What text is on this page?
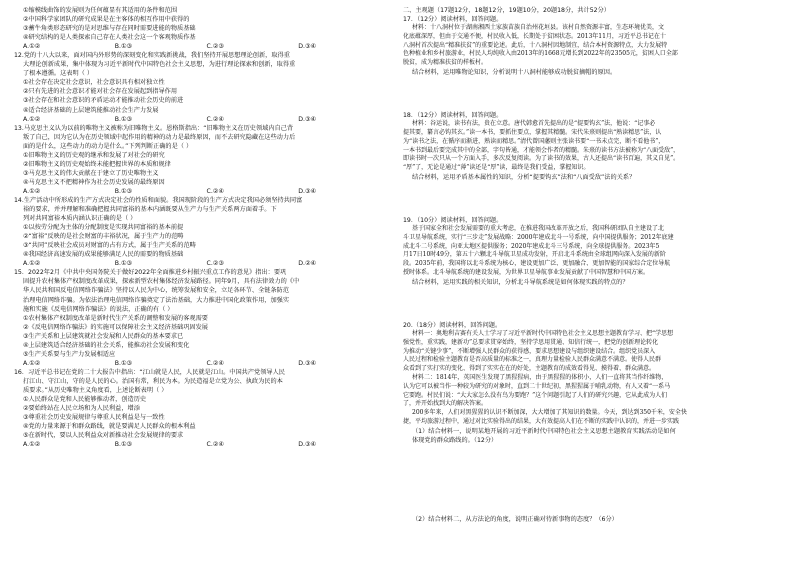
①缩模线曲饰的发展则为任何蕴显有其适用的条件和范围

②中国科学家团队的研究成果是在主客体的相互作用中获得的

③蓄牛角类形态研究的是对思维与存在同时需要进能的物质基础

④研究结构的是人类探索自己存在人类社会这一个客观物质作基

A.①②	B.①③	C.②③	D.③④

12.党的十八大以来，面对国内外形势的深刻变化和实践新挑战，我们坚持开展思想理论创新，取得重

大理论创新成果，集中体现为习近平新时代中国特色社会主义思想，为进行理论探索和创新，取得重

了根本遵循。这表明（ ）

①社会存在决定社会意识，社会意识具有相对独立性

②只有先进的社会意识才能对社会存在发展起到指导作用

③社会存在和社会意识的矛盾运动才能推动社会历史的前进

④适合经济基础的上层建筑能推动社会生产力发展

A.①②	B.①③	C.②④	D.③④

13.马克思主义认为以前的唯物主义被称为旧唯物主义。恩格斯指出：“旧唯物主义在历史领域内自己背

叛了自己，因为它认为在历史领域中起作用的精神的动力是最终原因，而不去研究隐藏在这些动力后

面的是什么，这些动力的动力是什么。”下列判断正确的是（ ）

①旧唯物主义的历史观的继承和发展了对社会的研究

②旧唯物主义的历史观始终未能把握世界的本质和规律

③马克思主义的伟大贡献在于建立了历史唯物主义

④马克思主义不把精神作为社会历史发展的最终原因

A.①②	B.①③	C.②④	D.③④

14.生产活动中所形成的生产方式决定社会的性质和面貌。我国现阶段的生产方式决定我国必须坚持共同富

裕的要求，并并理解和准确把握共同富裕的基本内涵既要从生产力与生产关系两方面着手。下

列对共同富裕本质内涵认识正确的是（ ）

①以按劳分配为主体的分配制度是实现共同富裕的基本前提

②“富裕”反映的是社会财富的丰裕状况，属于生产力的范畴

③“共同”反映社会成员对财富的占有方式，属于生产关系的范畴

④我国经济高速发展的成果能够满足人民的需要的物质基础

A.①②	B.①③	C.②③	D.②④

15．2022年2月《中共中央国务院关于做好2022年全面推进乡村振兴重点工作的意见》指出：要巩

固提升农村集体产权制度改革成果，探索新型农村集体经济发展路径。同年9月，具有法律效力的《中

华人民共和国反电信网络诈骗法》坚持以人民为中心，统筹发展和安全，立足各环节、全链条防范

治理电信网络诈骗。为依法治理电信网络诈骗奠定了法治基础，大力推进中国化政策作用，加强实

施和实施《反电信网络诈骗法》的说法，正确的有（ ）

①农村集体产权制度改革是新时代生产关系的调整和发展的客观需要

②《反电信网络诈骗法》的实施可以保障社会主义经济基础巩固发展

③生产关系和上层建筑就社会发展和人民群众的基本要求已

④上层建筑适合经济基础的社会关系，能推动社会发展和变化

⑤生产关系要与生产力发展相适应

A.①②	B.①③	C.②④	D.③④

16．习近平总书记在党的二十大报告中指出：“江山就是人民，人民就是江山。中国共产党领导人民

打江山、守江山，守的是人民的心。治国有常，利民为本。为民造福是立党为公、执政为民的本

质要求。”从历史唯物主义角度看，上述论断表明（ ）

①人民群众是党和人民能够推动者，创造历史

②要始终站在人民立场和为人民利益，增添

③尊重社会历史发展规律与尊重人民利益是与一致性

④党的力量来源于和群众路线，就是要满足人民群众的根本利益

⑤在新时代，要以人民利益众对新推动社会发展规律的要求

A.①②	B.①③	C.②④	D.③④

二、主观题（17题12分，18题12分，19题10分，20题18分，共计52分）

17．（12分）阅读材料，回答问题。

材料：十八洞村位于湖南湘西土家族苗族自治州花垣县。该村自然资源丰富，生态环境优美，文

化底蕴深厚，但由于交通不便，村民收入低，长期处于贫困状态。2013年11月，习近平总书记在十

八洞村首次提出“精准扶贫”的重要论述。此后，十八洞村因地制宜，结合本村资源特点，大力发展特

色种植业和乡村旅游业，村民人均纯收入由2013年的1668元增长到2022年的23505元，贫困人口全部

脱贫，成为精准扶贫的样板村。

结合材料，运用唯物论知识，分析说明十八洞村能够成功脱贫摘帽的原因。

18．（12分）阅读材料，回答问题。

材料：谷运说，读书有法，贵在立意。唐代韩愈首先提出的是“提要钩玄”法，他说：“记事必

提其要，纂言必钩其玄。”读一本书，要抓住要点，掌握其精髓。宋代朱熹则提出“熟读精思”法，认

为“读书之法，在循序而渐进，熟读而精思。”清代曾国藩则主张读书要“一书未点完，断不看他书”，

一本书到最后要完成其中的全部，字句皆通，才能领会作者的精髓。朱熹的读书方法被称为“八面受敌”，

即读书时一次只从一个方面入手，多次反复阅读。为了读书的效果，古人还提出“读书百遍，其义自见”。

“厚”了，无论是通过“薄”读还是“厚”读，最终是我们受益，掌握知识。

结合材料，运用矛盾基本属性的知识，分析“提要钩玄”法和“八面受敌”法的关系？

19．（10分）阅读材料，回答问题。

基于国家全和社会发展需要的重大考虑，在推进我国改革开放之后，我国科研团队自主建设了北

斗卫星导航系统，实行“三步走”发展战略：2000年建成北斗一号系统，向中国提供服务；2012年底建

成北斗二号系统，向亚太地区提供服务；2020年建成北斗三号系统，向全球提供服务。2023年5

月17日10时49分，第五十六颗北斗导航卫星成功发射，开启北斗系统由全球组网向深入发展的新阶

段。2035年前，我国将以北斗系统为核心，建设更加广泛、更加融合、更加智能的国家综合定位导航

授时体系。北斗导航系统的建设发展，为世界卫星导航事业发展贡献了中国智慧和中国方案。

结合材料，运用实践的相关知识，分析北斗导航系统是如何体现实践的特点的？

20.（18分）阅读材料，回答问题。

材料一：奥地利吉赛有关人士学习了习近平新时代中国特色社会主义思想主题教育学习、把“学思想

强党性，重实践，建新功”总要求贯穿始终，坚持学思用贯通、知信行统一，把党的创新理论转化

为推动“关键少事”，不断增强人民群众的获得感，要求思想建设与组织建设结合。组织党员深入

人民过程和检验主题教育是否高质量的标准之一，真理力量检验人民群众满意不满意。使得人民群

众看到了实打实的变化、得到了实实在在的好处，主题教育的成效看得见、摸得着、群众满意。

材料二：1814年，英国医生发现了黑猩猩病，由于黑猩猩的体积小，人们一直将其当作纤维物，

认为它可以被当作一种较为研究的对象时，直到二十世纪初，黑猩猩属于哺乳动物，有人又着“一系马

它要跑。村民们说：“大大家怎么没有鸟为要跑？”这个问题引起了人们的研究兴趣，它从此成为人们

了，并开始找到大的解决答案。

200多年来，人们对黑猩猩的认识不断加深，大大增加了其知识的数量。今天，到达到350千米，安全快

捷，平均旅游过程中，通过对比实验得出的结果，大有效提高人们在不断的实践中认识的，并进一步实践

（1）结合材料一，说明某地开展的习近平新时代中国特色社会主义思想主题教育实践活动是如何

体现党的群众路线的。（12分）

（2）结合材料二，从方法论的角度，说明正确对待新事物的态度？（6分）
